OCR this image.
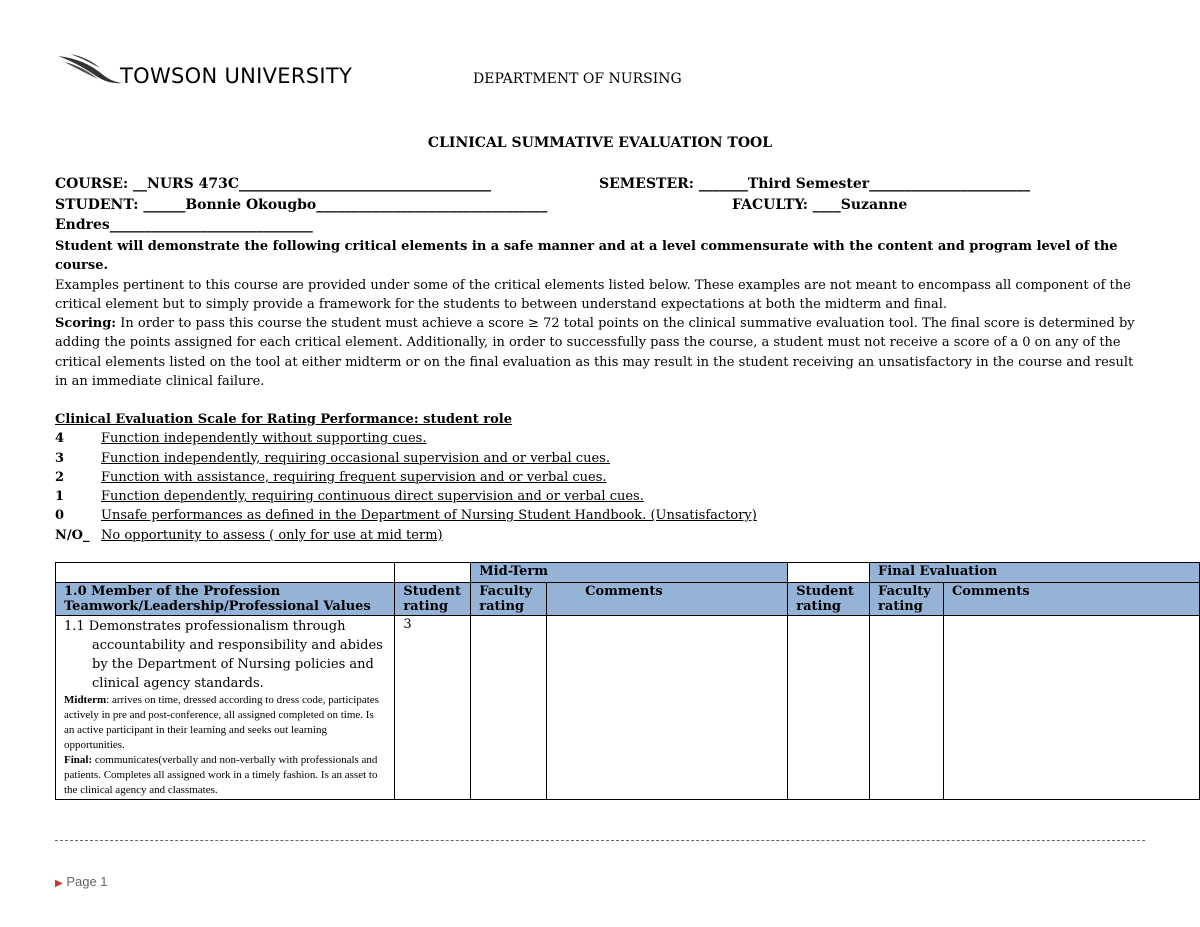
TOWSON UNIVERSITY	DEPARTMENT OF NURSING
CLINICAL SUMMATIVE EVALUATION TOOL
COURSE: __NURS 473C____________________________________	SEMESTER: _______Third Semester_______________________
STUDENT: ______Bonnie Okougbo_________________________________	FACULTY: ____Suzanne
Endres_____________________________
Student will demonstrate the following critical elements in a safe manner and at a level commensurate with the content and program level of the course.
Examples pertinent to this course are provided under some of the critical elements listed below. These examples are not meant to encompass all component of the critical element but to simply provide a framework for the students to between understand expectations at both the midterm and final.
Scoring: In order to pass this course the student must achieve a score ≥ 72 total points on the clinical summative evaluation tool. The final score is determined by adding the points assigned for each critical element. Additionally, in order to successfully pass the course, a student must not receive a score of a 0 on any of the critical elements listed on the tool at either midterm or on the final evaluation as this may result in the student receiving an unsatisfactory in the course and result in an immediate clinical failure.
Clinical Evaluation Scale for Rating Performance: student role
4	Function independently without supporting cues.
3	Function independently, requiring occasional supervision and or verbal cues.
2	Function with assistance, requiring frequent supervision and or verbal cues.
1	Function dependently, requiring continuous direct supervision and or verbal cues.
0	Unsafe performances as defined in the Department of Nursing Student Handbook. (Unsatisfactory)
N/O_ No opportunity to assess ( only for use at mid term)
		Mid-Term			Final Evaluation	

1.0 Member of the Profession
Teamwork/Leadership/Professional Values	Student rating	Faculty rating	Comments	Student rating	Faculty rating	Comments

1.1 Demonstrates professionalism through accountability and responsibility and abides by the Department of Nursing policies and clinical agency standards.
Midterm: arrives on time, dressed according to dress code, participates actively in pre and post-conference, all assigned completed on time. Is an active participant in their learning and seeks out learning opportunities.
Final: communicates(verbally and non-verbally with professionals and patients. Completes all assigned work in a timely fashion. Is an asset to the clinical agency and classmates.	3					
▶ Page 1
